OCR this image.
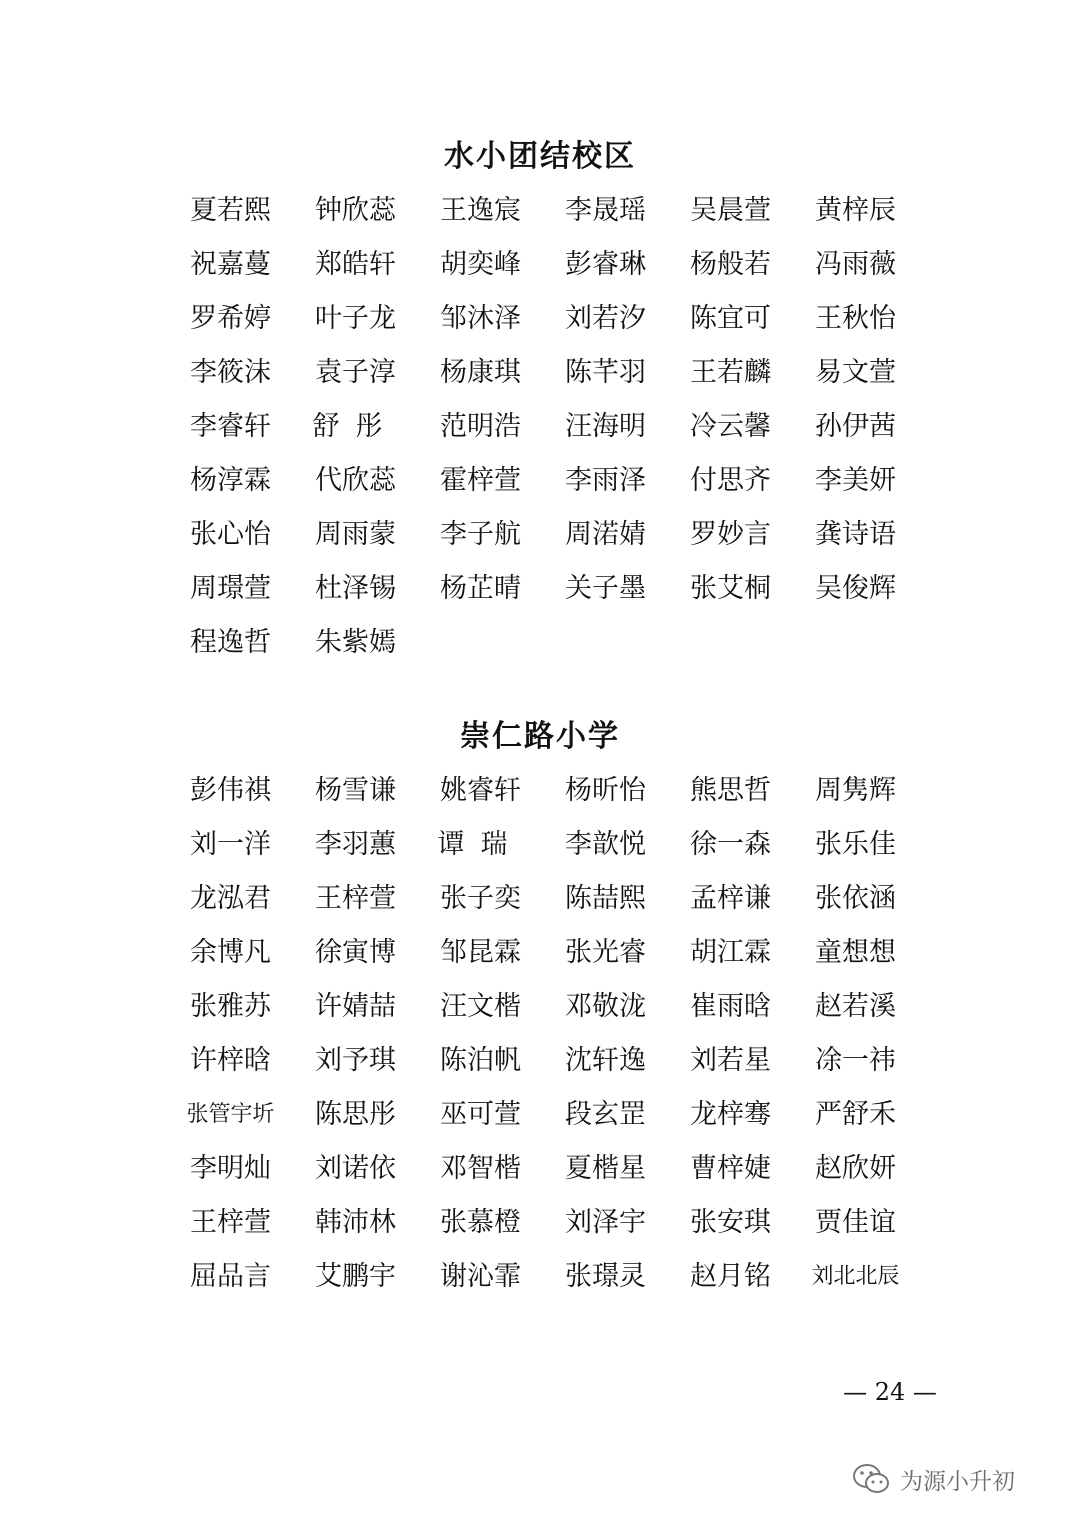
水小团结校区
夏若熙	钟欣蕊	王逸宸	李晟瑶	吴晨萱	黄梓辰
祝嘉蔓	郑皓轩	胡奕峰	彭睿琳	杨般若	冯雨薇
罗希婷	叶子龙	邹沐泽	刘若汐	陈宜可	王秋怡
李筱沫	袁子淳	杨康琪	陈芊羽	王若麟	易文萱
李睿轩	舒彤	范明浩	汪海明	冷云馨	孙伊茜
杨淳霖	代欣蕊	霍梓萱	李雨泽	付思齐	李美妍
张心怡	周雨蒙	李子航	周渃婧	罗妙言	龚诗语
周璟萱	杜泽锡	杨芷晴	关子墨	张艾桐	吴俊辉
程逸哲	朱紫嫣
崇仁路小学
彭伟祺	杨雪谦	姚睿轩	杨昕怡	熊思哲	周隽辉
刘一洋	李羽蕙	谭瑞	李歆悦	徐一森	张乐佳
龙泓君	王梓萱	张子奕	陈喆熙	孟梓谦	张依涵
余博凡	徐寅博	邹昆霖	张光睿	胡江霖	童想想
张雅苏	许婧喆	汪文楷	邓敬泷	崔雨晗	赵若溪
许梓晗	刘予琪	陈泊帆	沈轩逸	刘若星	凃一祎
张管宇圻	陈思彤	巫可萱	段玄罡	龙梓骞	严舒禾
李明灿	刘诺依	邓智楷	夏楷星	曹梓婕	赵欣妍
王梓萱	韩沛林	张慕橙	刘泽宇	张安琪	贾佳谊
屈品言	艾鹏宇	谢沁霏	张璟灵	赵月铭	刘北北辰
— 24 —
为源小升初
